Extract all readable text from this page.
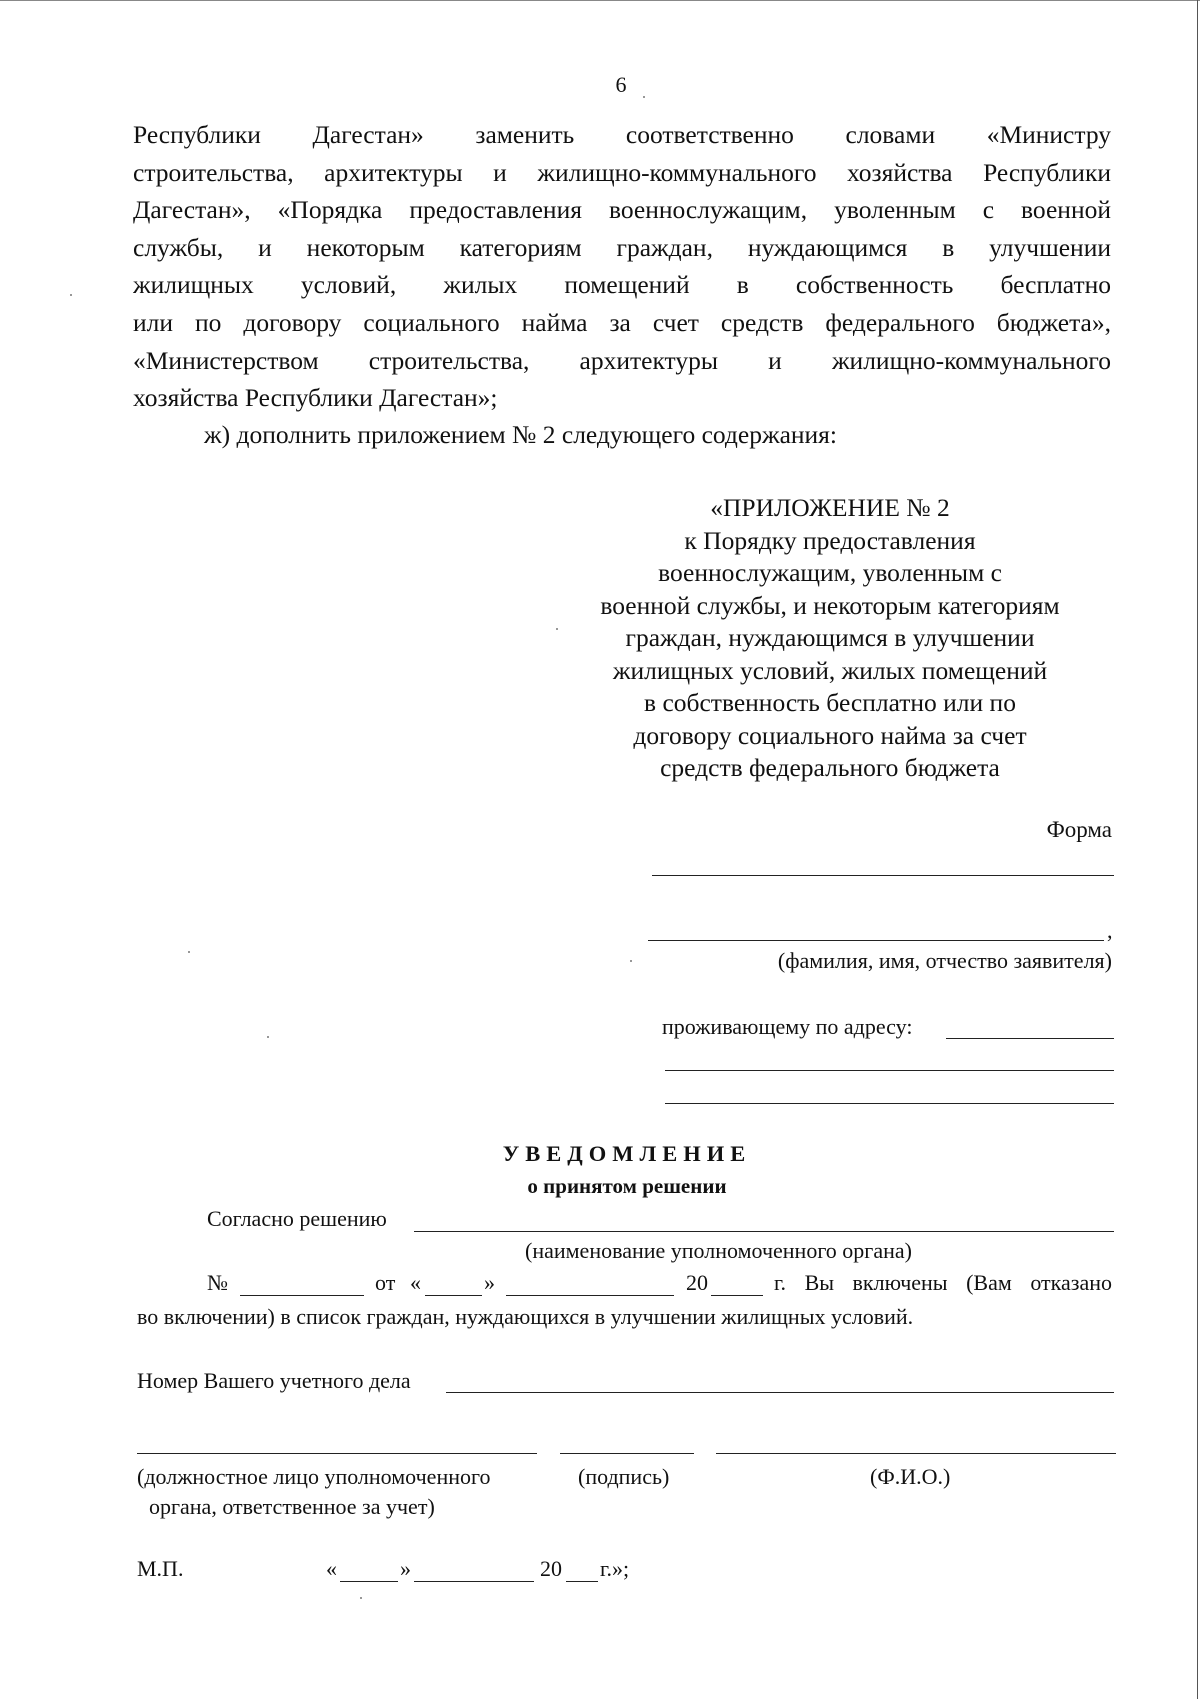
6
Республики Дагестан» заменить соответственно словами «Министру
строительства, архитектуры и жилищно-коммунального хозяйства Республики
Дагестан», «Порядка предоставления военнослужащим, уволенным с военной
службы, и некоторым категориям граждан, нуждающимся в улучшении
жилищных условий, жилых помещений в собственность бесплатно
или по договору социального найма за счет средств федерального бюджета»,
«Министерством строительства, архитектуры и жилищно-коммунального
хозяйства Республики Дагестан»;
ж) дополнить приложением № 2 следующего содержания:
«ПРИЛОЖЕНИЕ № 2
к Порядку предоставления
военнослужащим, уволенным с
военной службы, и некоторым категориям
граждан, нуждающимся в улучшении
жилищных условий, жилых помещений
в собственность бесплатно или по
договору социального найма за счет
средств федерального бюджета
Форма
,
(фамилия, имя, отчество заявителя)
проживающему по адресу:
УВЕДОМЛЕНИЕ
о принятом решении
Согласно решению
(наименование уполномоченного органа)
№	от «	»	20	г. Вы включены (Вам отказано
во включении) в список граждан, нуждающихся в улучшении жилищных условий.
Номер Вашего учетного дела
(должностное лицо уполномоченного
органа, ответственное за учет)
(подпись)	(Ф.И.О.)
М.П.	«	»	20 г.»;
